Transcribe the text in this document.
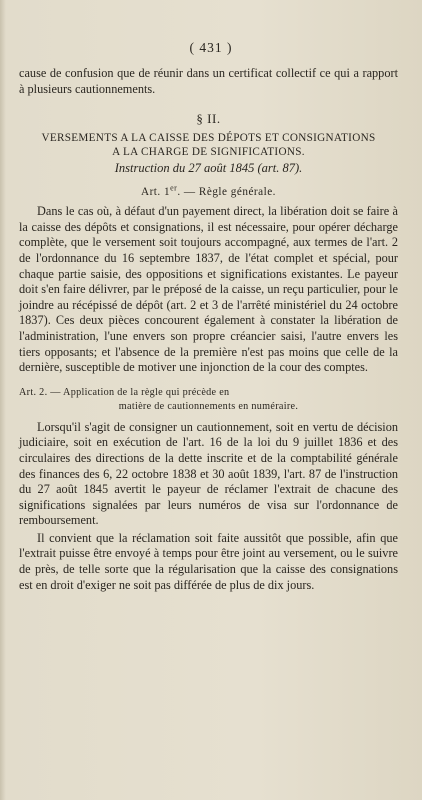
( 431 )

cause de confusion que de réunir dans un certificat collectif ce qui a rapport à plusieurs cautionnements.

§ II.
VERSEMENTS A LA CAISSE DES DÉPOTS ET CONSIGNATIONS
A LA CHARGE DE SIGNIFICATIONS.
Instruction du 27 août 1845 (art. 87).
Art. 1er. — Règle générale.

Dans le cas où, à défaut d'un payement direct, la libération doit se faire à la caisse des dépôts et consignations, il est nécessaire, pour opérer décharge complète, que le versement soit toujours accompagné, aux termes de l'art. 2 de l'ordonnance du 16 septembre 1837, de l'état complet et spécial, pour chaque partie saisie, des oppositions et significations existantes. Le payeur doit s'en faire délivrer, par le préposé de la caisse, un reçu particulier, pour le joindre au récépissé de dépôt (art. 2 et 3 de l'arrêté ministériel du 24 octobre 1837). Ces deux pièces concourent également à constater la libération de l'administration, l'une envers son propre créancier saisi, l'autre envers les tiers opposants; et l'absence de la première n'est pas moins que celle de la dernière, susceptible de motiver une injonction de la cour des comptes.

Art. 2. — Application de la règle qui précède en
matière de cautionnements en numéraire.

Lorsqu'il s'agit de consigner un cautionnement, soit en vertu de décision judiciaire, soit en exécution de l'art. 16 de la loi du 9 juillet 1836 et des circulaires des directions de la dette inscrite et de la comptabilité générale des finances des 6, 22 octobre 1838 et 30 août 1839, l'art. 87 de l'instruction du 27 août 1845 avertit le payeur de réclamer l'extrait de chacune des significations signalées par leurs numéros de visa sur l'ordonnance de remboursement.

Il convient que la réclamation soit faite aussitôt que possible, afin que l'extrait puisse être envoyé à temps pour être joint au versement, ou le suivre de près, de telle sorte que la régularisation que la caisse des consignations est en droit d'exiger ne soit pas différée de plus de dix jours.
